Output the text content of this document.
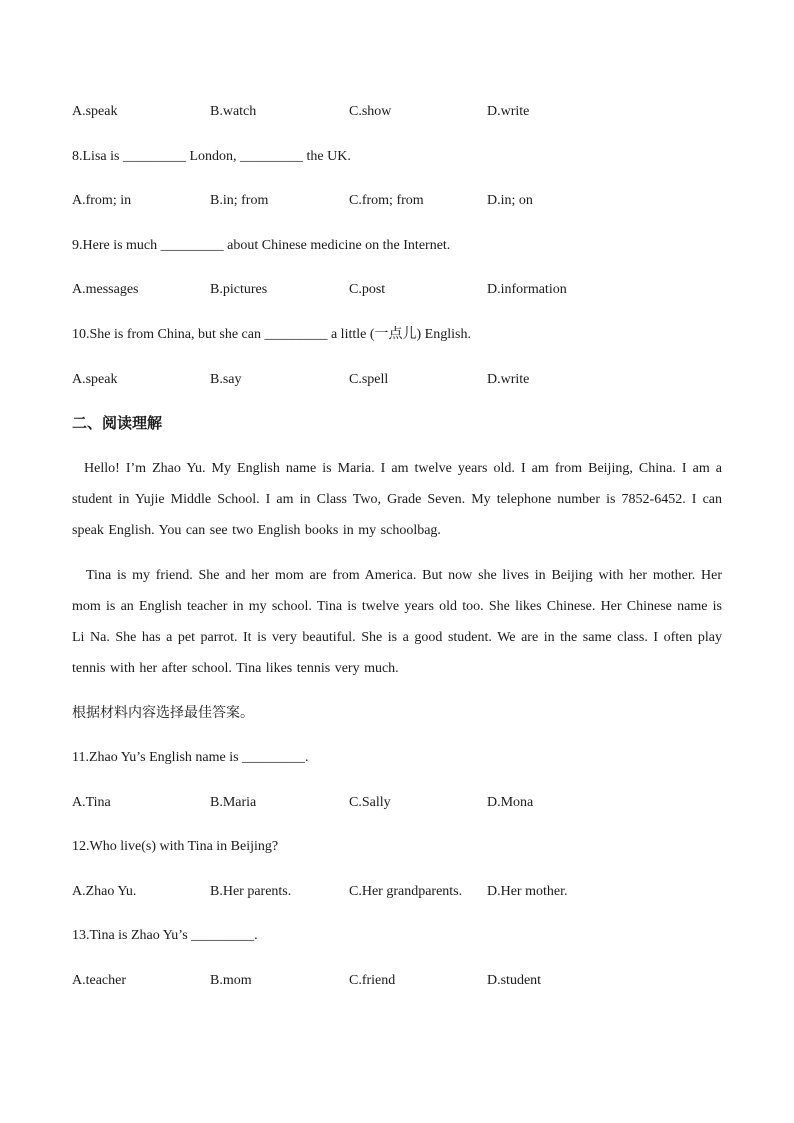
A.speak	B.watch	C.show	D.write
8.Lisa is _________ London, _________ the UK.
A.from; in	B.in; from	C.from; from	D.in; on
9.Here is much _________ about Chinese medicine on the Internet.
A.messages	B.pictures	C.post	D.information
10.She is from China, but she can _________ a little (一点儿) English.
A.speak	B.say	C.spell	D.write
二、阅读理解
Hello! I’m Zhao Yu. My English name is Maria. I am twelve years old. I am from Beijing, China. I am a student in Yujie Middle School. I am in Class Two, Grade Seven. My telephone number is 7852-6452. I can speak English. You can see two English books in my schoolbag.
Tina is my friend. She and her mom are from America. But now she lives in Beijing with her mother. Her mom is an English teacher in my school. Tina is twelve years old too. She likes Chinese. Her Chinese name is Li Na. She has a pet parrot. It is very beautiful. She is a good student. We are in the same class. I often play tennis with her after school. Tina likes tennis very much.
根据材料内容选择最佳答案。
11.Zhao Yu’s English name is _________.
A.Tina	B.Maria	C.Sally	D.Mona
12.Who live(s) with Tina in Beijing?
A.Zhao Yu.	B.Her parents.	C.Her grandparents. D.Her mother.
13.Tina is Zhao Yu’s _________.
A.teacher	B.mom	C.friend	D.student
